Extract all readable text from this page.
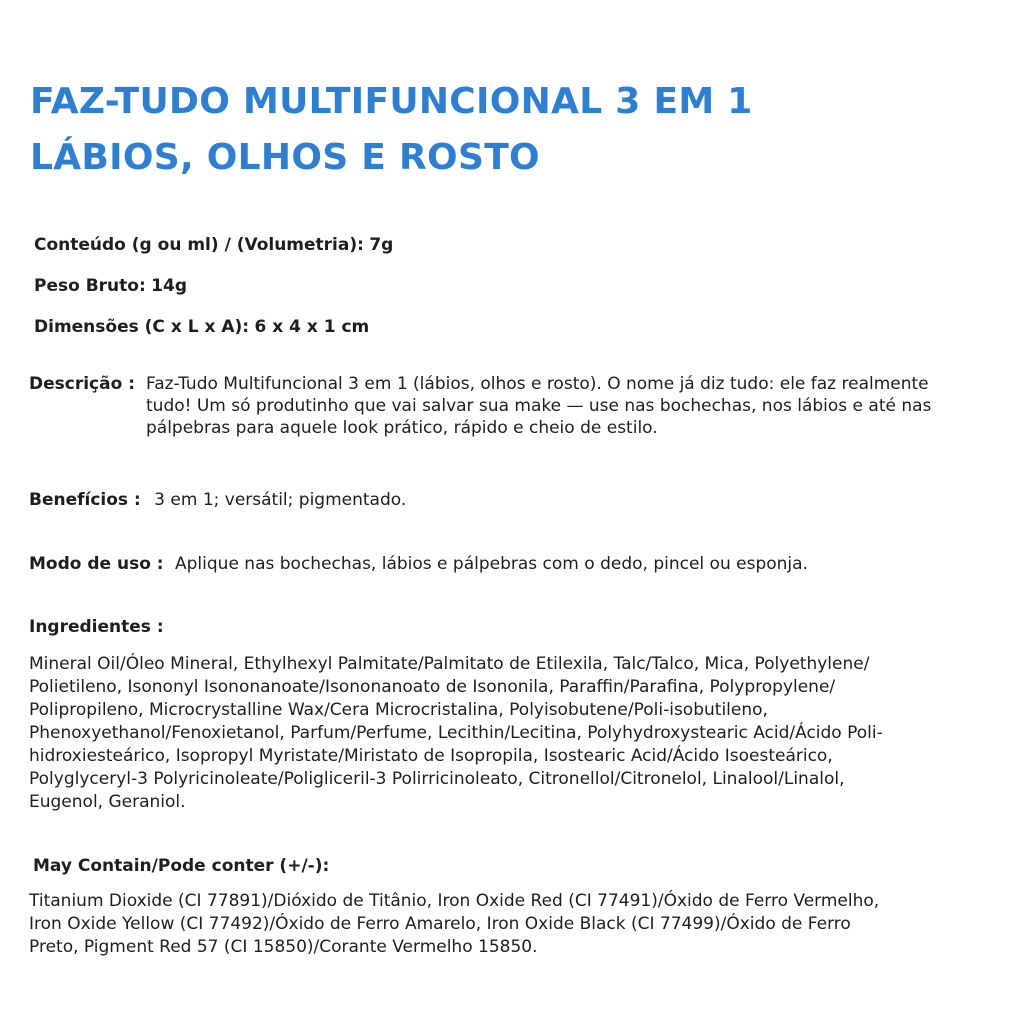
FAZ-TUDO MULTIFUNCIONAL 3 EM 1
LÁBIOS, OLHOS E ROSTO
Conteúdo (g ou ml) / (Volumetria): 7g
Peso Bruto: 14g
Dimensões (C x L x A): 6 x 4 x 1 cm
Descrição : Faz-Tudo Multifuncional 3 em 1 (lábios, olhos e rosto). O nome já diz tudo: ele faz realmente tudo! Um só produtinho que vai salvar sua make — use nas bochechas, nos lábios e até nas pálpebras para aquele look prático, rápido e cheio de estilo.

Benefícios : 3 em 1; versátil; pigmentado.
Modo de uso : Aplique nas bochechas, lábios e pálpebras com o dedo, pincel ou esponja.
Ingredientes :

Mineral Oil/Óleo Mineral, Ethylhexyl Palmitate/Palmitato de Etilexila, Talc/Talco, Mica, Polyethylene/
Polietileno, Isononyl Isononanoate/Isononanoato de Isononila, Paraffin/Parafina, Polypropylene/
Polipropileno, Microcrystalline Wax/Cera Microcristalina, Polyisobutene/Poli-isobutileno,
Phenoxyethanol/Fenoxietanol, Parfum/Perfume, Lecithin/Lecitina, Polyhydroxystearic Acid/Ácido Poli-
hidroxiesteárico, Isopropyl Myristate/Miristato de Isopropila, Isostearic Acid/Ácido Isoesteárico,
Polyglyceryl-3 Polyricinoleate/Poligliceril-3 Polirricinoleato, Citronellol/Citronelol, Linalool/Linalol,
Eugenol, Geraniol.

May Contain/Pode conter (+/-):

Titanium Dioxide (CI 77891)/Dióxido de Titânio, Iron Oxide Red (CI 77491)/Óxido de Ferro Vermelho,
Iron Oxide Yellow (CI 77492)/Óxido de Ferro Amarelo, Iron Oxide Black (CI 77499)/Óxido de Ferro
Preto, Pigment Red 57 (CI 15850)/Corante Vermelho 15850.
